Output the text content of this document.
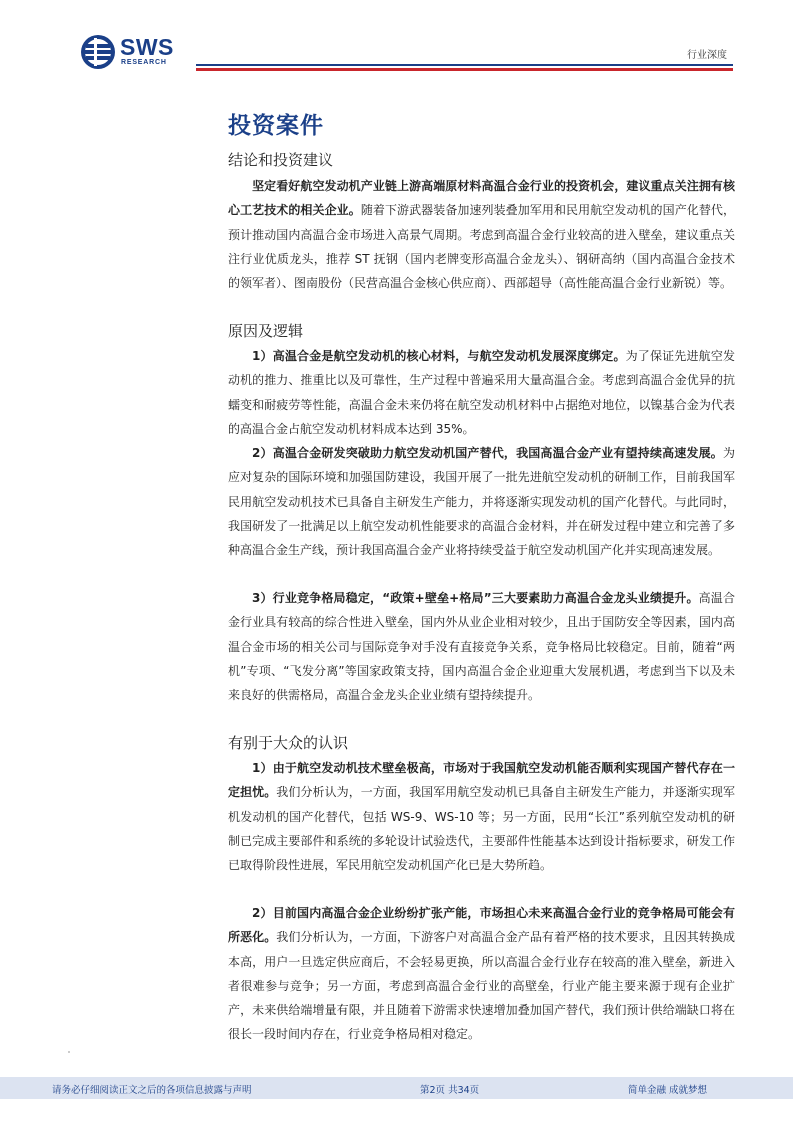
SWS
RESEARCH
行业深度
投资案件
结论和投资建议

坚定看好航空发动机产业链上游高端原材料高温合金行业的投资机会，建议重点关注拥有核心工艺技术的相关企业。随着下游武器装备加速列装叠加军用和民用航空发动机的国产化替代，预计推动国内高温合金市场进入高景气周期。考虑到高温合金行业较高的进入壁垒，建议重点关注行业优质龙头，推荐 ST 抚钢（国内老牌变形高温合金龙头）、钢研高纳（国内高温合金技术的领军者）、图南股份（民营高温合金核心供应商）、西部超导（高性能高温合金行业新锐）等。

原因及逻辑

1）高温合金是航空发动机的核心材料，与航空发动机发展深度绑定。为了保证先进航空发动机的推力、推重比以及可靠性，生产过程中普遍采用大量高温合金。考虑到高温合金优异的抗蠕变和耐疲劳等性能，高温合金未来仍将在航空发动机材料中占据绝对地位，以镍基合金为代表的高温合金占航空发动机材料成本达到 35%。

2）高温合金研发突破助力航空发动机国产替代，我国高温合金产业有望持续高速发展。为应对复杂的国际环境和加强国防建设，我国开展了一批先进航空发动机的研制工作，目前我国军民用航空发动机技术已具备自主研发生产能力，并将逐渐实现发动机的国产化替代。与此同时，我国研发了一批满足以上航空发动机性能要求的高温合金材料，并在研发过程中建立和完善了多种高温合金生产线，预计我国高温合金产业将持续受益于航空发动机国产化并实现高速发展。

3）行业竞争格局稳定，“政策+壁垒+格局”三大要素助力高温合金龙头业绩提升。高温合金行业具有较高的综合性进入壁垒，国内外从业企业相对较少，且出于国防安全等因素，国内高温合金市场的相关公司与国际竞争对手没有直接竞争关系，竞争格局比较稳定。目前，随着“两机”专项、“飞发分离”等国家政策支持，国内高温合金企业迎重大发展机遇，考虑到当下以及未来良好的供需格局，高温合金龙头企业业绩有望持续提升。

有别于大众的认识

1）由于航空发动机技术壁垒极高，市场对于我国航空发动机能否顺利实现国产替代存在一定担忧。我们分析认为，一方面，我国军用航空发动机已具备自主研发生产能力，并逐渐实现军机发动机的国产化替代，包括 WS-9、WS-10 等；另一方面，民用“长江”系列航空发动机的研制已完成主要部件和系统的多轮设计试验迭代，主要部件性能基本达到设计指标要求，研发工作已取得阶段性进展，军民用航空发动机国产化已是大势所趋。

2）目前国内高温合金企业纷纷扩张产能，市场担心未来高温合金行业的竞争格局可能会有所恶化。我们分析认为，一方面，下游客户对高温合金产品有着严格的技术要求，且因其转换成本高，用户一旦选定供应商后，不会轻易更换，所以高温合金行业存在较高的准入壁垒，新进入者很难参与竞争；另一方面，考虑到高温合金行业的高壁垒，行业产能主要来源于现有企业扩产，未来供给端增量有限，并且随着下游需求快速增加叠加国产替代，我们预计供给端缺口将在很长一段时间内存在，行业竞争格局相对稳定。

请务必仔细阅读正文之后的各项信息披露与声明	第2页 共34页	简单金融 成就梦想
